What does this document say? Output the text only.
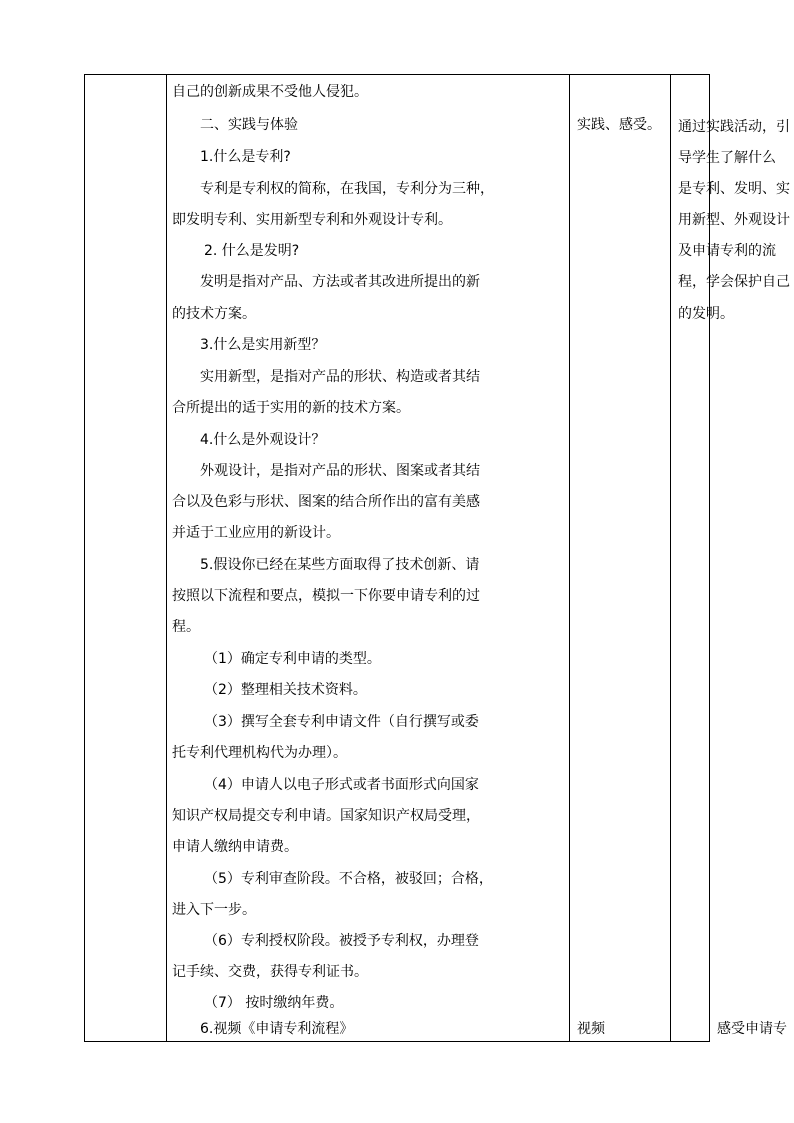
自己的创新成果不受他人侵犯。
二、实践与体验
1.什么是专利?
专利是专利权的简称，在我国，专利分为三种，
即发明专利、实用新型专利和外观设计专利。
2. 什么是发明?
发明是指对产品、方法或者其改进所提出的新
的技术方案。
3.什么是实用新型？
实用新型，是指对产品的形状、构造或者其结
合所提出的适于实用的新的技术方案。
4.什么是外观设计？
外观设计，是指对产品的形状、图案或者其结
合以及色彩与形状、图案的结合所作出的富有美感
并适于工业应用的新设计。
5.假设你已经在某些方面取得了技术创新、请
按照以下流程和要点，模拟一下你要申请专利的过
程。
（1）确定专利申请的类型。
（2）整理相关技术资料。
（3）撰写全套专利申请文件（自行撰写或委
托专利代理机构代为办理）。
（4）申请人以电子形式或者书面形式向国家
知识产权局提交专利申请。国家知识产权局受理，
申请人缴纳申请费。
（5）专利审查阶段。不合格，被驳回；合格，
进入下一步。
（6）专利授权阶段。被授予专利权，办理登
记手续、交费，获得专利证书。
（7） 按时缴纳年费。
6.视频《申请专利流程》
实践、感受。
视频
通过实践活动，引
导学生了解什么
是专利、发明、实
用新型、外观设计
及申请专利的流
程，学会保护自己
的发明。
感受申请专
